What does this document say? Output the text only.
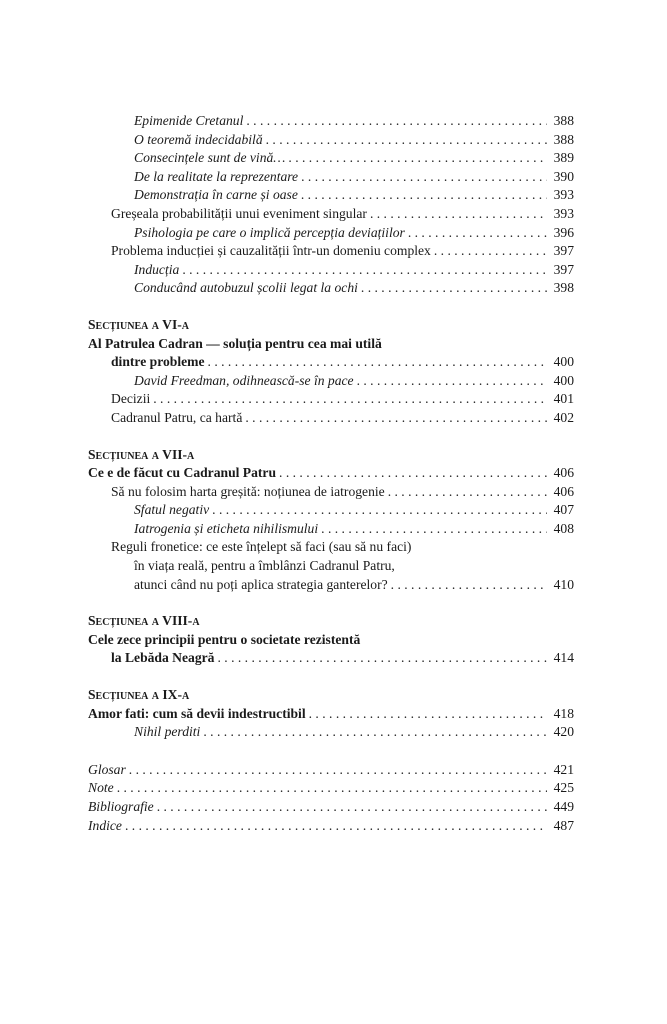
Epimenide Cretanul . . .	388
O teoremă indecidabilă . . .	388
Consecințele sunt de vină… . . .	389
De la realitate la reprezentare . . .	390
Demonstrația în carne și oase . . .	393
Greșeala probabilității unui eveniment singular . . .	393
Psihologia pe care o implică percepția deviațiilor . . .	396
Problema inducției și cauzalității într-un domeniu complex . . .	397
Inducția . . .	397
Conducând autobuzul școlii legat la ochi . . .	398
Secțiunea a VI-a
Al Patrulea Cadran — soluția pentru cea mai utilă
dintre probleme . . .	400
David Freedman, odihnească-se în pace . . .	400
Decizii . . .	401
Cadranul Patru, ca hartă . . .	402
Secțiunea a VII-a
Ce e de făcut cu Cadranul Patru . . .	406
Să nu folosim harta greșită: noțiunea de iatrogenie . . .	406
Sfatul negativ . . .	407
Iatrogenia și eticheta nihilismului . . .	408
Reguli fronetice: ce este înțelept să faci (sau să nu faci)
în viața reală, pentru a îmblânzi Cadranul Patru,
atunci când nu poți aplica strategia ganterelor? . . .	410
Secțiunea a VIII-a
Cele zece principii pentru o societate rezistentă
la Lebăda Neagră . . .	414
Secțiunea a IX-a
Amor fati: cum să devii indestructibil . . .	418
Nihil perditi . . .	420
Glosar . . .	421
Note . . .	425
Bibliografie . . .	449
Indice . . .	487
